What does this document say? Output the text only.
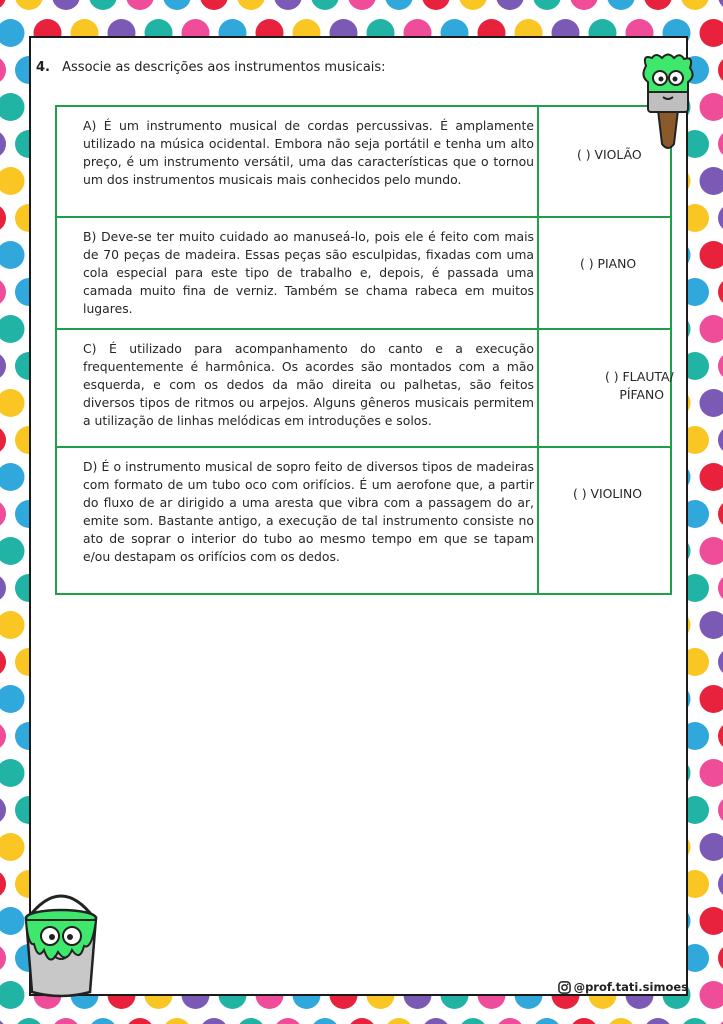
4. Associe as descrições aos instrumentos musicais:
A) É um instrumento musical de cordas percussivas. É amplamente utilizado na música ocidental. Embora não seja portátil e tenha um alto preço, é um instrumento versátil, uma das características que o tornou um dos instrumentos musicais mais conhecidos pelo mundo.	( ) VIOLÃO

B) Deve-se ter muito cuidado ao manuseá-lo, pois ele é feito com mais de 70 peças de madeira. Essas peças são esculpidas, fixadas com uma cola especial para este tipo de trabalho e, depois, é passada uma camada muito fina de verniz. Também se chama rabeca em muitos lugares.	( ) PIANO

C) É utilizado para acompanhamento do canto e a execução frequentemente é harmônica. Os acordes são montados com a mão esquerda, e com os dedos da mão direita ou palhetas, são feitos diversos tipos de ritmos ou arpejos. Alguns gêneros musicais permitem a utilização de linhas melódicas em introduções e solos.	( ) FLAUTA/
PÍFANO

D) É o instrumento musical de sopro feito de diversos tipos de madeiras com formato de um tubo oco com orifícios. É um aerofone que, a partir do fluxo de ar dirigido a uma aresta que vibra com a passagem do ar, emite som. Bastante antigo, a execução de tal instrumento consiste no ato de soprar o interior do tubo ao mesmo tempo em que se tapam e/ou destapam os orifícios com os dedos.	( ) VIOLINO
@prof.tati.simoes
